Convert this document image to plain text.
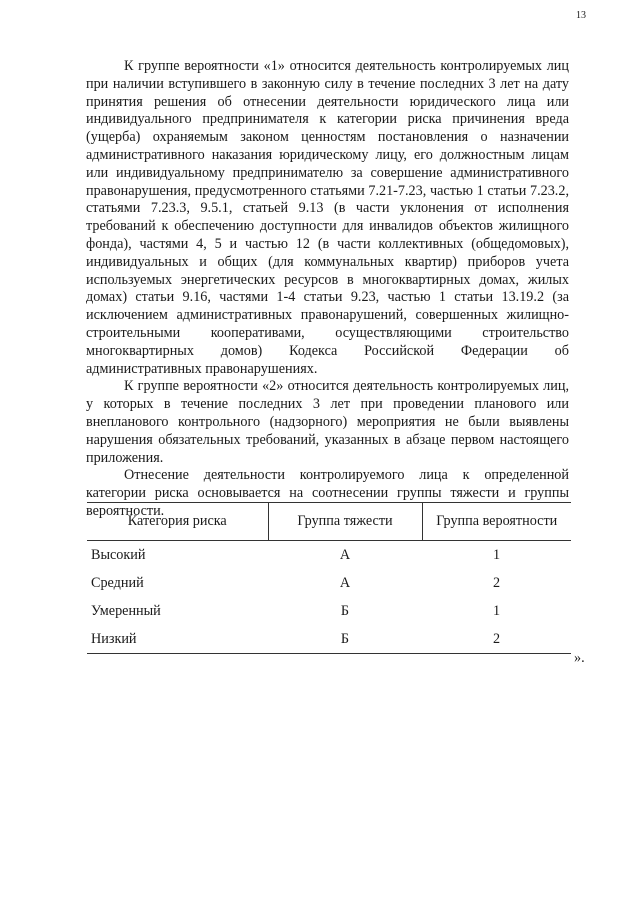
13

К группе вероятности «1» относится деятельность контролируемых лиц при наличии вступившего в законную силу в течение последних 3 лет на дату принятия решения об отнесении деятельности юридического лица или индивидуального предпринимателя к категории риска причинения вреда (ущерба) охраняемым законом ценностям постановления о назначении административного наказания юридическому лицу, его должностным лицам или индивидуальному предпринимателю за совершение административного правонарушения, предусмотренного статьями 7.21-7.23, частью 1 статьи 7.23.2, статьями 7.23.3, 9.5.1, статьей 9.13 (в части уклонения от исполнения требований к обеспечению доступности для инвалидов объектов жилищного фонда), частями 4, 5 и частью 12 (в части коллективных (общедомовых), индивидуальных и общих (для коммунальных квартир) приборов учета используемых энергетических ресурсов в многоквартирных домах, жилых домах) статьи 9.16, частями 1-4 статьи 9.23, частью 1 статьи 13.19.2 (за исключением административных правонарушений, совершенных жилищно-строительными кооперативами, осуществляющими строительство многоквартирных домов) Кодекса Российской Федерации об административных правонарушениях.

К группе вероятности «2» относится деятельность контролируемых лиц, у которых в течение последних 3 лет при проведении планового или внепланового контрольного (надзорного) мероприятия не были выявлены нарушения обязательных требований, указанных в абзаце первом настоящего приложения.

Отнесение деятельности контролируемого лица к определенной категории риска основывается на соотнесении группы тяжести и группы вероятности.

Категория риска	Группа тяжести	Группа вероятности
Высокий	А	1
Средний	А	2
Умеренный	Б	1
Низкий	Б	2
».
